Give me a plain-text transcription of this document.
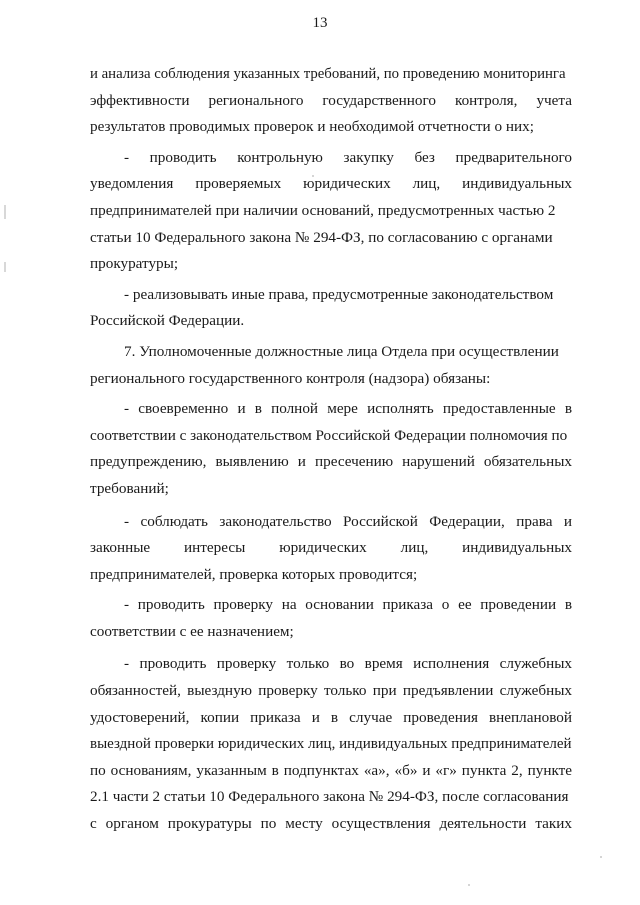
13
и анализа соблюдения указанных требований, по проведению мониторинга
эффективности регионального государственного контроля, учета
результатов проводимых проверок и необходимой отчетности о них;
- проводить контрольную закупку без предварительного
уведомления проверяемых юридических лиц, индивидуальных
предпринимателей при наличии оснований, предусмотренных частью 2
статьи 10 Федерального закона № 294-ФЗ, по согласованию с органами
прокуратуры;
- реализовывать иные права, предусмотренные законодательством
Российской Федерации.
7. Уполномоченные должностные лица Отдела при осуществлении
регионального государственного контроля (надзора) обязаны:
- своевременно и в полной мере исполнять предоставленные в
соответствии с законодательством Российской Федерации полномочия по
предупреждению, выявлению и пресечению нарушений обязательных
требований;
- соблюдать законодательство Российской Федерации, права и
законные интересы юридических лиц, индивидуальных
предпринимателей, проверка которых проводится;
- проводить проверку на основании приказа о ее проведении в
соответствии с ее назначением;
- проводить проверку только во время исполнения служебных
обязанностей, выездную проверку только при предъявлении служебных
удостоверений, копии приказа и в случае проведения внеплановой
выездной проверки юридических лиц, индивидуальных предпринимателей
по основаниям, указанным в подпунктах «а», «б» и «г» пункта 2, пункте
2.1 части 2 статьи 10 Федерального закона № 294-ФЗ, после согласования
с органом прокуратуры по месту осуществления деятельности таких
